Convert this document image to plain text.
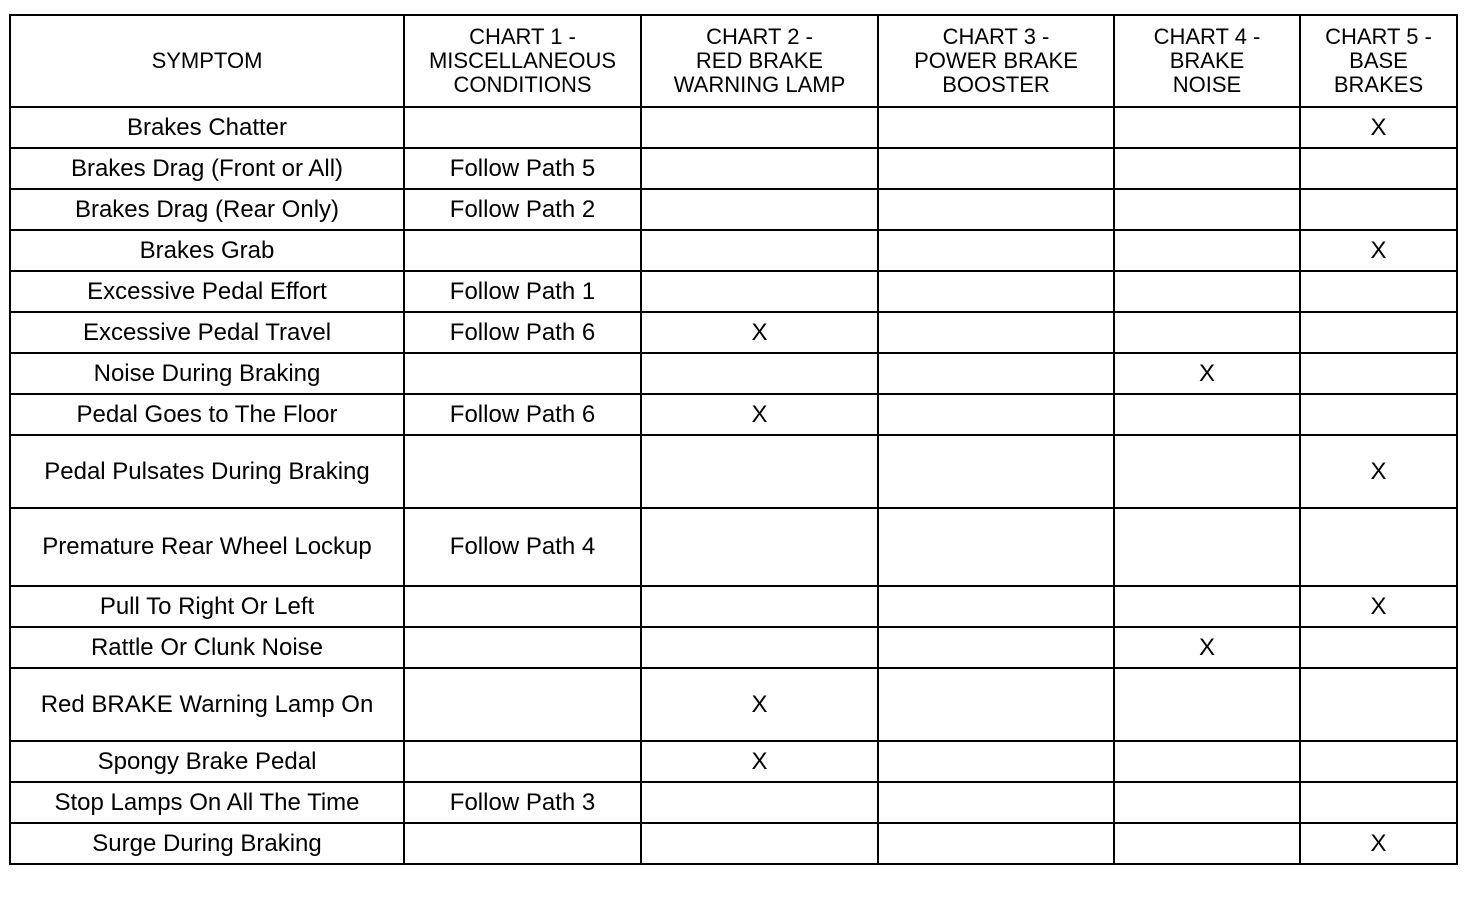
SYMPTOM	CHART 1 -
MISCELLANEOUS
CONDITIONS	CHART 2 -
RED BRAKE
WARNING LAMP	CHART 3 -
POWER BRAKE
BOOSTER	CHART 4 -
BRAKE
NOISE	CHART 5 -
BASE
BRAKES
Brakes Chatter					X
Brakes Drag (Front or All)	Follow Path 5				
Brakes Drag (Rear Only)	Follow Path 2				
Brakes Grab					X
Excessive Pedal Effort	Follow Path 1				
Excessive Pedal Travel	Follow Path 6	X			
Noise During Braking				X	
Pedal Goes to The Floor	Follow Path 6	X			
Pedal Pulsates During Braking					X
Premature Rear Wheel Lockup	Follow Path 4				
Pull To Right Or Left					X
Rattle Or Clunk Noise				X	
Red BRAKE Warning Lamp On		X			
Spongy Brake Pedal		X			
Stop Lamps On All The Time	Follow Path 3				
Surge During Braking					X
